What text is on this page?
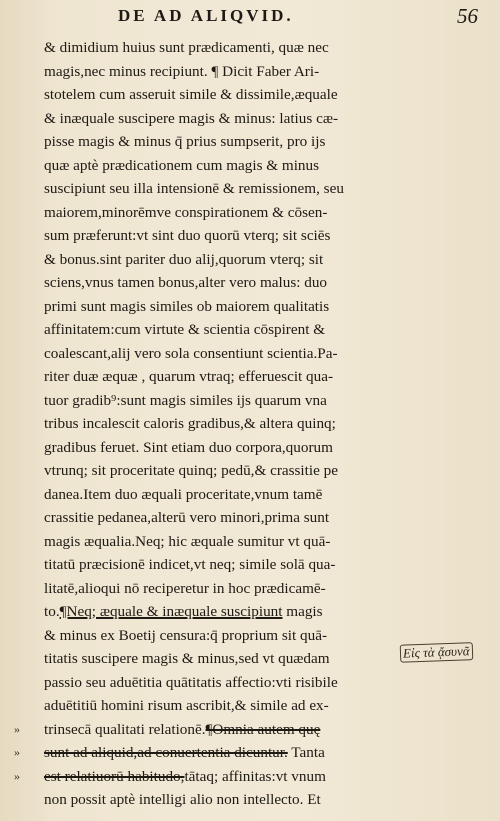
DE AD ALIQVID.	56
& dimidium huius sunt prædicamenti, quæ nec
magis,nec minus recipiunt. ¶ Dicit Faber Ari-
stotelem cum asseruit simile & dissimile,æquale
& inæquale suscipere magis & minus: latius cæ-
pisse magis & minus q̄ prius sumpserit, pro ijs
quæ aptè prædicationem cum magis & minus
suscipiunt seu illa intensionē & remissionem, seu
maiorem,minorēmve conspirationem & cōsen-
sum præferunt:vt sint duo quorū vterq; sit sciēs
& bonus.sint pariter duo alij,quorum vterq; sit
sciens,vnus tamen bonus,alter vero malus: duo
primi sunt magis similes ob maiorem qualitatis
affinitatem:cum virtute & scientia cōspirent &
coalescant,alij vero sola consentiunt scientia.Pa-
riter duæ æquæ , quarum vtraq; efferuescit qua-
tuor gradib⁹:sunt magis similes ijs quarum vna
tribus incalescit caloris gradibus,& altera quinq;
gradibus feruet. Sint etiam duo corpora,quorum
vtrunq; sit proceritate quinq; pedū,& crassitie pe
danea.Item duo æquali proceritate,vnum tamē
crassitie pedanea,alterū vero minori,prima sunt
magis æqualia.Neq; hic æquale sumitur vt quā-
titatū præcisionē indicet,vt neq; simile solā qua-
litatē,alioqui nō reciperetur in hoc prædicamē-
to.¶Neq; æquale & inæquale suscipiunt magis
& minus ex Boetij censura:q̄ proprium sit quā-
titatis suscipere magis & minus,sed vt quædam
passio seu aduētitia quātitatis affectio:vti risibile
aduētitiū homini risum ascribit,& simile ad ex-
trinsecā qualitati relationē.¶Omnia autem quę
sunt ad aliquid,ad conuertentia dicuntur. Tanta
est relatiuorū habitudo,tātaq; affinitas:vt vnum
non possit aptè intelligi alio non intellecto. Et
»
»
»
Εἰς τὰ ᾄσυνᾶ
